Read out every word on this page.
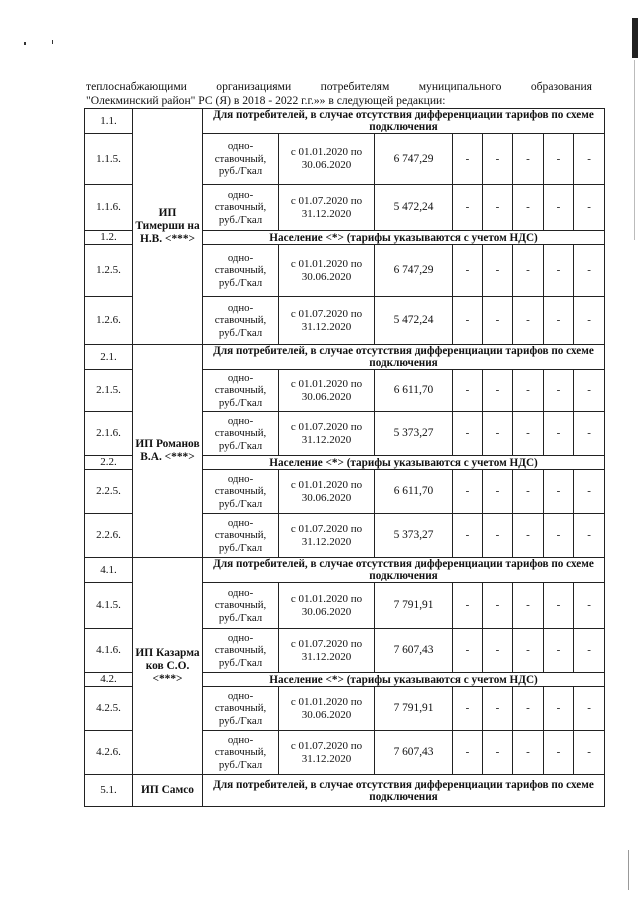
теплоснабжающими организациями потребителям муниципального образования
"Олекминский район" РС (Я) в 2018 - 2022 г.г.»» в следующей редакции:
1.1.	ИП Тимерши на Н.В. <***>	Для потребителей, в случае отсутствия дифференциации тарифов по схеме подключения							
1.1.5.		одно-ставочный, руб./Гкал	с 01.01.2020 по 30.06.2020	6 747,29	-	-	-	-	-
1.1.6.		одно-ставочный, руб./Гкал	с 01.07.2020 по 31.12.2020	5 472,24	-	-	-	-	-
1.2.		Население <*> (тарифы указываются с учетом НДС)							
1.2.5.		одно-ставочный, руб./Гкал	с 01.01.2020 по 30.06.2020	6 747,29	-	-	-	-	-
1.2.6.		одно-ставочный, руб./Гкал	с 01.07.2020 по 31.12.2020	5 472,24	-	-	-	-	-
2.1.	ИП Романов В.А. <***>	Для потребителей, в случае отсутствия дифференциации тарифов по схеме подключения							
2.1.5.		одно-ставочный, руб./Гкал	с 01.01.2020 по 30.06.2020	6 611,70	-	-	-	-	-
2.1.6.		одно-ставочный, руб./Гкал	с 01.07.2020 по 31.12.2020	5 373,27	-	-	-	-	-
2.2.		Население <*> (тарифы указываются с учетом НДС)							
2.2.5.		одно-ставочный, руб./Гкал	с 01.01.2020 по 30.06.2020	6 611,70	-	-	-	-	-
2.2.6.		одно-ставочный, руб./Гкал	с 01.07.2020 по 31.12.2020	5 373,27	-	-	-	-	-
4.1.	ИП Казарма ков С.О. <***>	Для потребителей, в случае отсутствия дифференциации тарифов по схеме подключения							
4.1.5.		одно-ставочный, руб./Гкал	с 01.01.2020 по 30.06.2020	7 791,91	-	-	-	-	-
4.1.6.		одно-ставочный, руб./Гкал	с 01.07.2020 по 31.12.2020	7 607,43	-	-	-	-	-
4.2.		Население <*> (тарифы указываются с учетом НДС)							
4.2.5.		одно-ставочный, руб./Гкал	с 01.01.2020 по 30.06.2020	7 791,91	-	-	-	-	-
4.2.6.		одно-ставочный, руб./Гкал	с 01.07.2020 по 31.12.2020	7 607,43	-	-	-	-	-
5.1.	ИП Самсо	Для потребителей, в случае отсутствия дифференциации тарифов по схеме подключения							
